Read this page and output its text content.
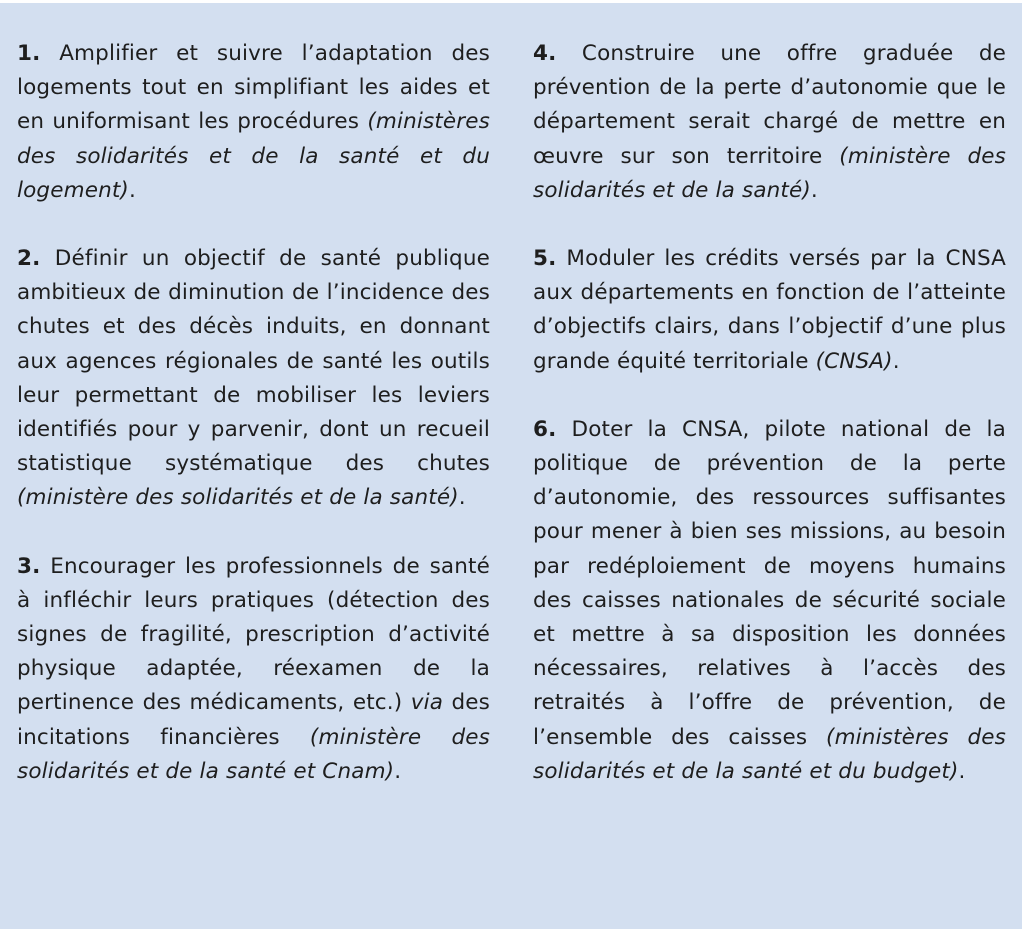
1. Amplifier et suivre l’adaptation des logements tout en simplifiant les aides et en uniformisant les procédures (ministères des solidarités et de la santé et du logement).

2. Définir un objectif de santé publique ambitieux de diminution de l’incidence des chutes et des décès induits, en donnant aux agences régionales de santé les outils leur permettant de mobiliser les leviers identifiés pour y parvenir, dont un recueil statistique systématique des chutes (ministère des solidarités et de la santé).

3. Encourager les professionnels de santé à infléchir leurs pratiques (détection des signes de fragilité, prescription d’activité physique adaptée, réexamen de la pertinence des médicaments, etc.) via des incitations financières (ministère des solidarités et de la santé et Cnam).

4. Construire une offre graduée de prévention de la perte d’autonomie que le département serait chargé de mettre en œuvre sur son territoire (ministère des solidarités et de la santé).

5. Moduler les crédits versés par la CNSA aux départements en fonction de l’atteinte d’objectifs clairs, dans l’objectif d’une plus grande équité territoriale (CNSA).

6. Doter la CNSA, pilote national de la politique de prévention de la perte d’autonomie, des ressources suffisantes pour mener à bien ses missions, au besoin par redéploiement de moyens humains des caisses nationales de sécurité sociale et mettre à sa disposition les données nécessaires, relatives à l’accès des retraités à l’offre de prévention, de l’ensemble des caisses (ministères des solidarités et de la santé et du budget).
